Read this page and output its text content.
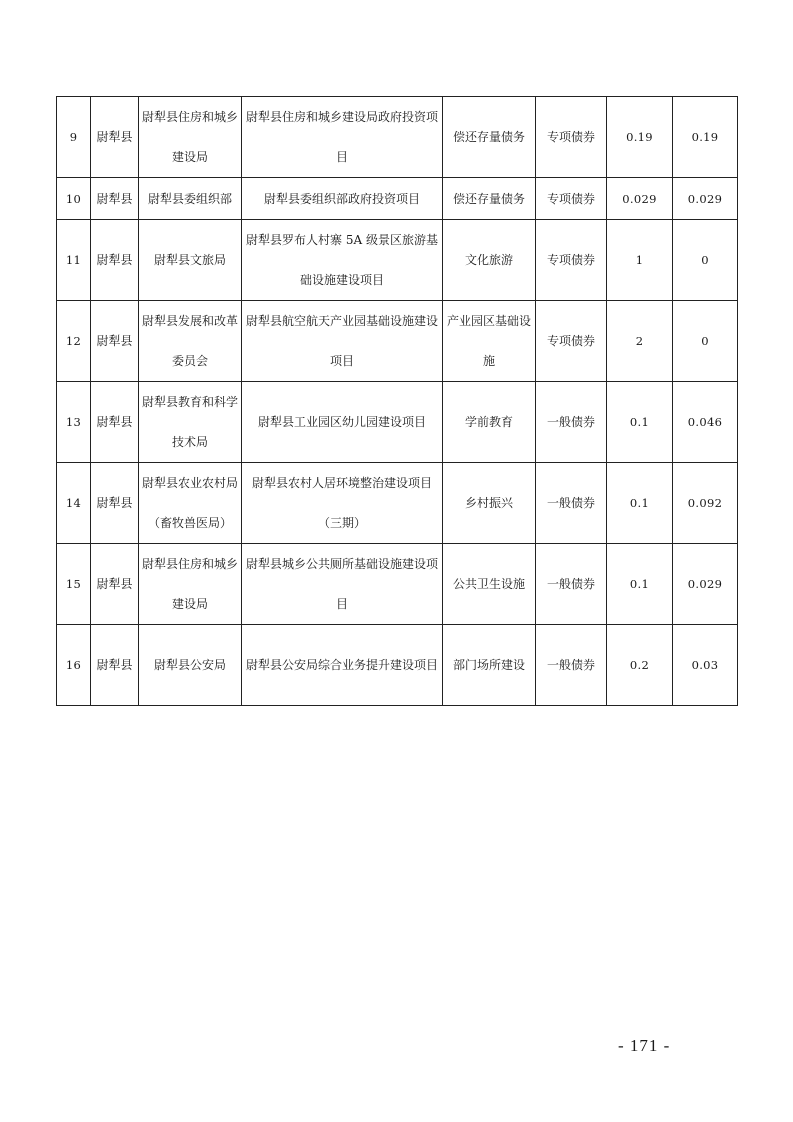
9	尉犁县	尉犁县住房和城乡建设局	尉犁县住房和城乡建设局政府投资项目	偿还存量债务	专项债券	0.19	0.19
10	尉犁县	尉犁县委组织部	尉犁县委组织部政府投资项目	偿还存量债务	专项债券	0.029	0.029
11	尉犁县	尉犁县文旅局	尉犁县罗布人村寨 5A 级景区旅游基础设施建设项目	文化旅游	专项债券	1	0
12	尉犁县	尉犁县发展和改革委员会	尉犁县航空航天产业园基础设施建设项目	产业园区基础设施	专项债券	2	0
13	尉犁县	尉犁县教育和科学技术局	尉犁县工业园区幼儿园建设项目	学前教育	一般债券	0.1	0.046
14	尉犁县	尉犁县农业农村局（畜牧兽医局）	尉犁县农村人居环境整治建设项目（三期）	乡村振兴	一般债券	0.1	0.092
15	尉犁县	尉犁县住房和城乡建设局	尉犁县城乡公共厕所基础设施建设项目	公共卫生设施	一般债券	0.1	0.029
16	尉犁县	尉犁县公安局	尉犁县公安局综合业务提升建设项目	部门场所建设	一般债券	0.2	0.03
- 171 -
